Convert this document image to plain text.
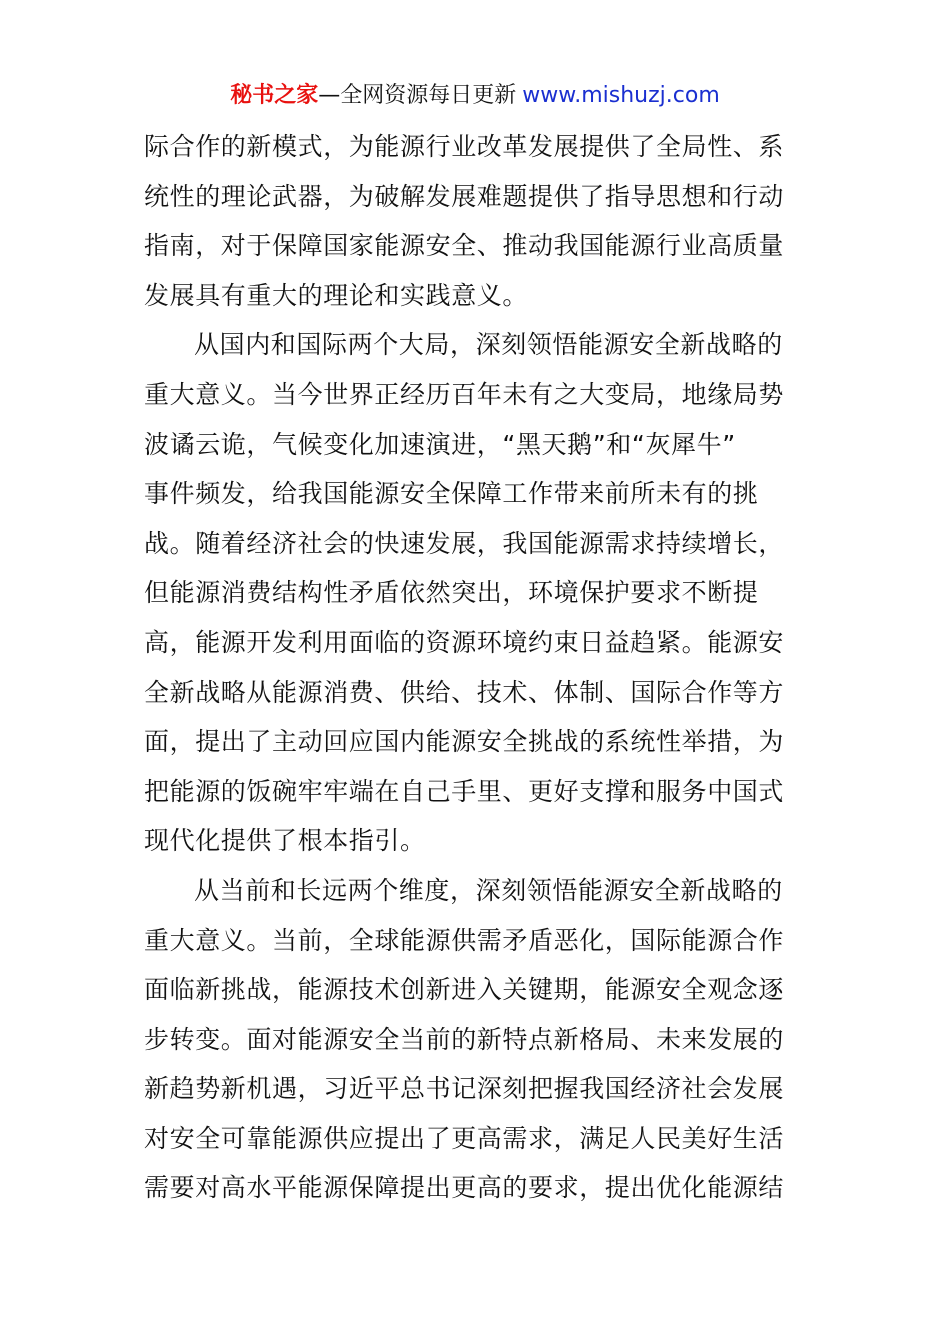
秘书之家—全网资源每日更新 www.mishuzj.com

际合作的新模式，为能源行业改革发展提供了全局性、系
统性的理论武器，为破解发展难题提供了指导思想和行动
指南，对于保障国家能源安全、推动我国能源行业高质量
发展具有重大的理论和实践意义。

从国内和国际两个大局，深刻领悟能源安全新战略的
重大意义。当今世界正经历百年未有之大变局，地缘局势
波谲云诡，气候变化加速演进，“黑天鹅”和“灰犀牛”
事件频发，给我国能源安全保障工作带来前所未有的挑
战。随着经济社会的快速发展，我国能源需求持续增长，
但能源消费结构性矛盾依然突出，环境保护要求不断提
高，能源开发利用面临的资源环境约束日益趋紧。能源安
全新战略从能源消费、供给、技术、体制、国际合作等方
面，提出了主动回应国内能源安全挑战的系统性举措，为
把能源的饭碗牢牢端在自己手里、更好支撑和服务中国式
现代化提供了根本指引。

从当前和长远两个维度，深刻领悟能源安全新战略的
重大意义。当前，全球能源供需矛盾恶化，国际能源合作
面临新挑战，能源技术创新进入关键期，能源安全观念逐
步转变。面对能源安全当前的新特点新格局、未来发展的
新趋势新机遇，习近平总书记深刻把握我国经济社会发展
对安全可靠能源供应提出了更高需求，满足人民美好生活
需要对高水平能源保障提出更高的要求，提出优化能源结
